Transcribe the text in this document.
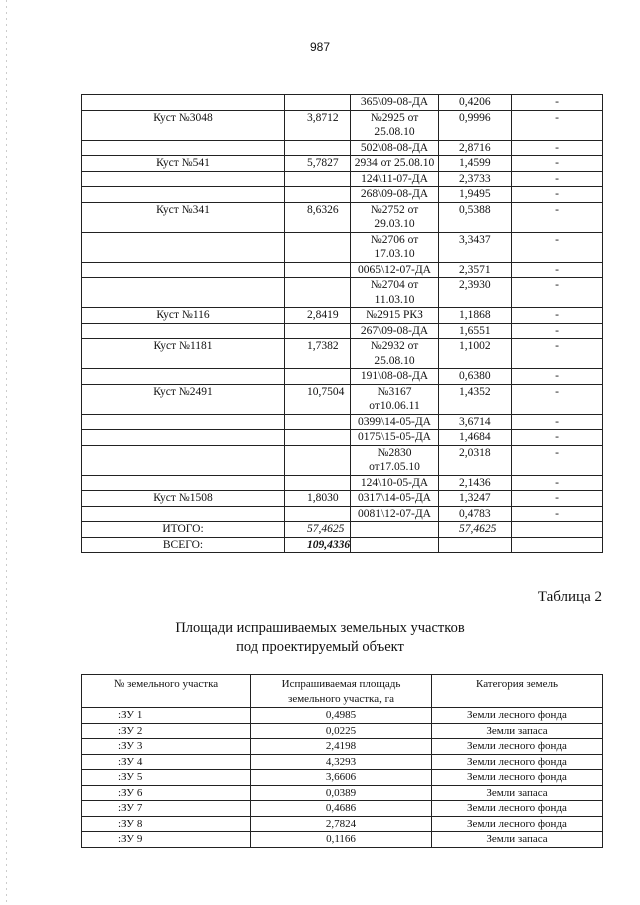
987
		365\09-08-ДА	0,4206	-
Куст №3048	3,8712	№2925 от 25.08.10	0,9996	-
		502\08-08-ДА	2,8716	-
Куст №541	5,7827	2934 от 25.08.10	1,4599	-
		124\11-07-ДА	2,3733	-
		268\09-08-ДА	1,9495	-
Куст №341	8,6326	№2752 от 29.03.10	0,5388	-
		№2706 от 17.03.10	3,3437	-
		0065\12-07-ДА	2,3571	-
		№2704 от 11.03.10	2,3930	-
Куст №116	2,8419	№2915 РКЗ	1,1868	-
		267\09-08-ДА	1,6551	-
Куст №1181	1,7382	№2932 от 25.08.10	1,1002	-
		191\08-08-ДА	0,6380	-
Куст №2491	10,7504	№3167 от10.06.11	1,4352	-
		0399\14-05-ДА	3,6714	-
		0175\15-05-ДА	1,4684	-
		№2830 от17.05.10	2,0318	-
		124\10-05-ДА	2,1436	-
Куст №1508	1,8030	0317\14-05-ДА	1,3247	-
		0081\12-07-ДА	0,4783	-
ИТОГО:	57,4625		57,4625	
ВСЕГО:	109,4336			
Таблица 2
Площади испрашиваемых земельных участков
под проектируемый объект
№ земельного участка	Испрашиваемая площадь земельного участка, га	Категория земель
:ЗУ 1	0,4985	Земли лесного фонда
:ЗУ 2	0,0225	Земли запаса
:ЗУ 3	2,4198	Земли лесного фонда
:ЗУ 4	4,3293	Земли лесного фонда
:ЗУ 5	3,6606	Земли лесного фонда
:ЗУ 6	0,0389	Земли запаса
:ЗУ 7	0,4686	Земли лесного фонда
:ЗУ 8	2,7824	Земли лесного фонда
:ЗУ 9	0,1166	Земли запаса
